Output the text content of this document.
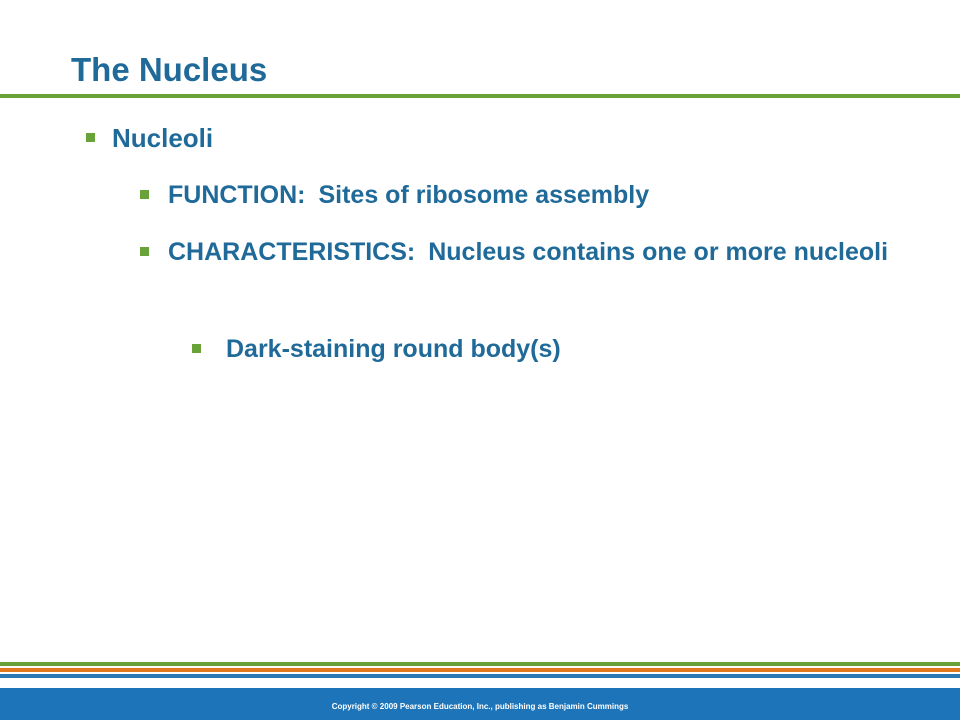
The Nucleus
Nucleoli
FUNCTION: Sites of ribosome assembly
CHARACTERISTICS: Nucleus contains one or more nucleoli
Dark-staining round body(s)
Copyright © 2009 Pearson Education, Inc., publishing as Benjamin Cummings
